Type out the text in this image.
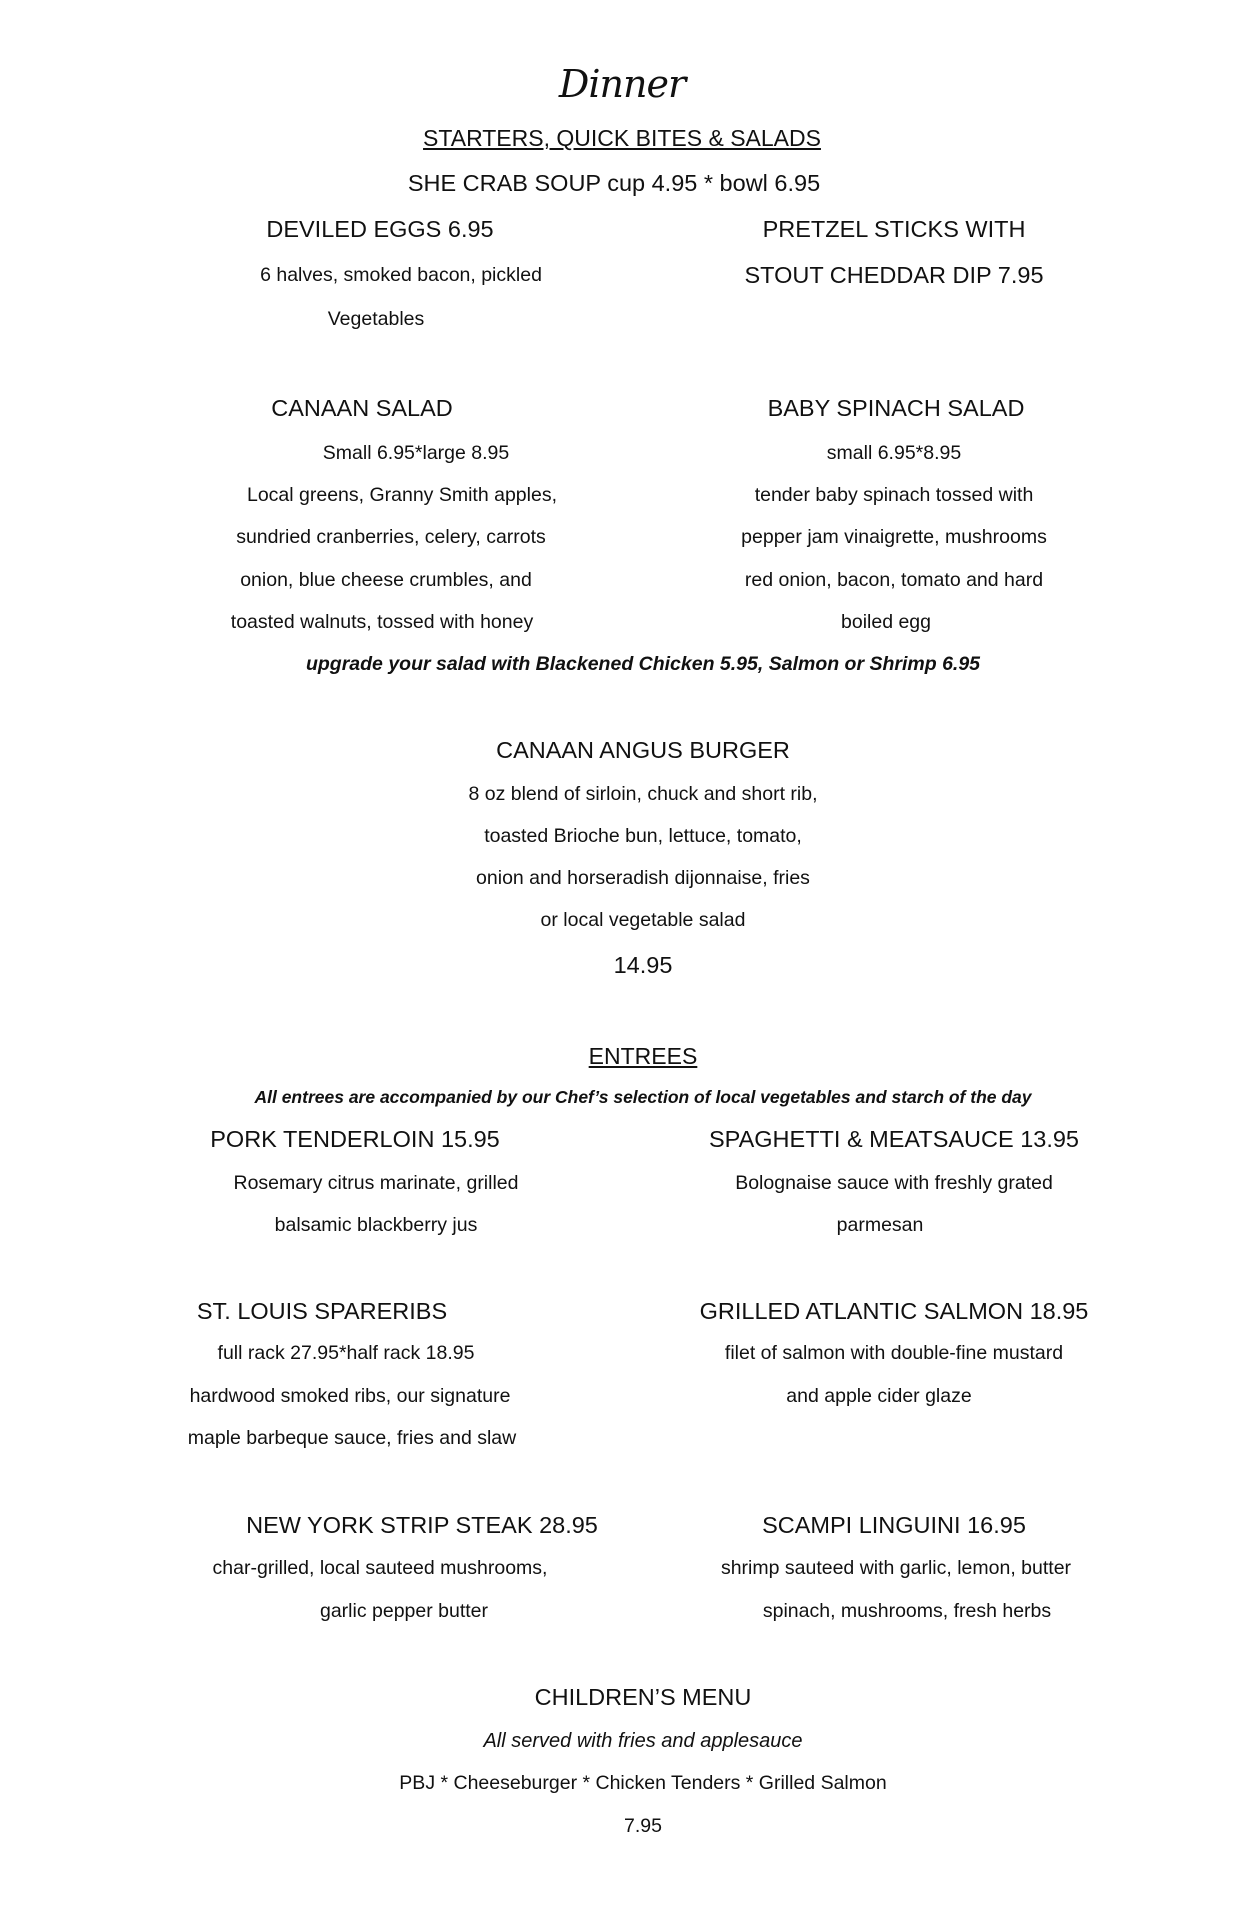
Dinner
STARTERS, QUICK BITES & SALADS
SHE CRAB SOUP cup 4.95 * bowl 6.95
DEVILED EGGS 6.95
6 halves, smoked bacon, pickled
Vegetables
PRETZEL STICKS WITH
STOUT CHEDDAR DIP 7.95
CANAAN SALAD
Small 6.95*large 8.95
Local greens, Granny Smith apples,
sundried cranberries, celery, carrots
onion, blue cheese crumbles, and
toasted walnuts, tossed with honey
BABY SPINACH SALAD
small 6.95*8.95
tender baby spinach tossed with
pepper jam vinaigrette, mushrooms
red onion, bacon, tomato and hard
boiled egg
upgrade your salad with Blackened Chicken 5.95, Salmon or Shrimp 6.95
CANAAN ANGUS BURGER
8 oz blend of sirloin, chuck and short rib,
toasted Brioche bun, lettuce, tomato,
onion and horseradish dijonnaise, fries
or local vegetable salad
14.95
ENTREES
All entrees are accompanied by our Chef’s selection of local vegetables and starch of the day
PORK TENDERLOIN 15.95
Rosemary citrus marinate, grilled
balsamic blackberry jus
SPAGHETTI & MEATSAUCE 13.95
Bolognaise sauce with freshly grated
parmesan
ST. LOUIS SPARERIBS
full rack 27.95*half rack 18.95
hardwood smoked ribs, our signature
maple barbeque sauce, fries and slaw
GRILLED ATLANTIC SALMON 18.95
filet of salmon with double-fine mustard
and apple cider glaze
NEW YORK STRIP STEAK 28.95
char-grilled, local sauteed mushrooms,
garlic pepper butter
SCAMPI LINGUINI 16.95
shrimp sauteed with garlic, lemon, butter
spinach, mushrooms, fresh herbs
CHILDREN’S MENU
All served with fries and applesauce
PBJ * Cheeseburger * Chicken Tenders * Grilled Salmon
7.95
